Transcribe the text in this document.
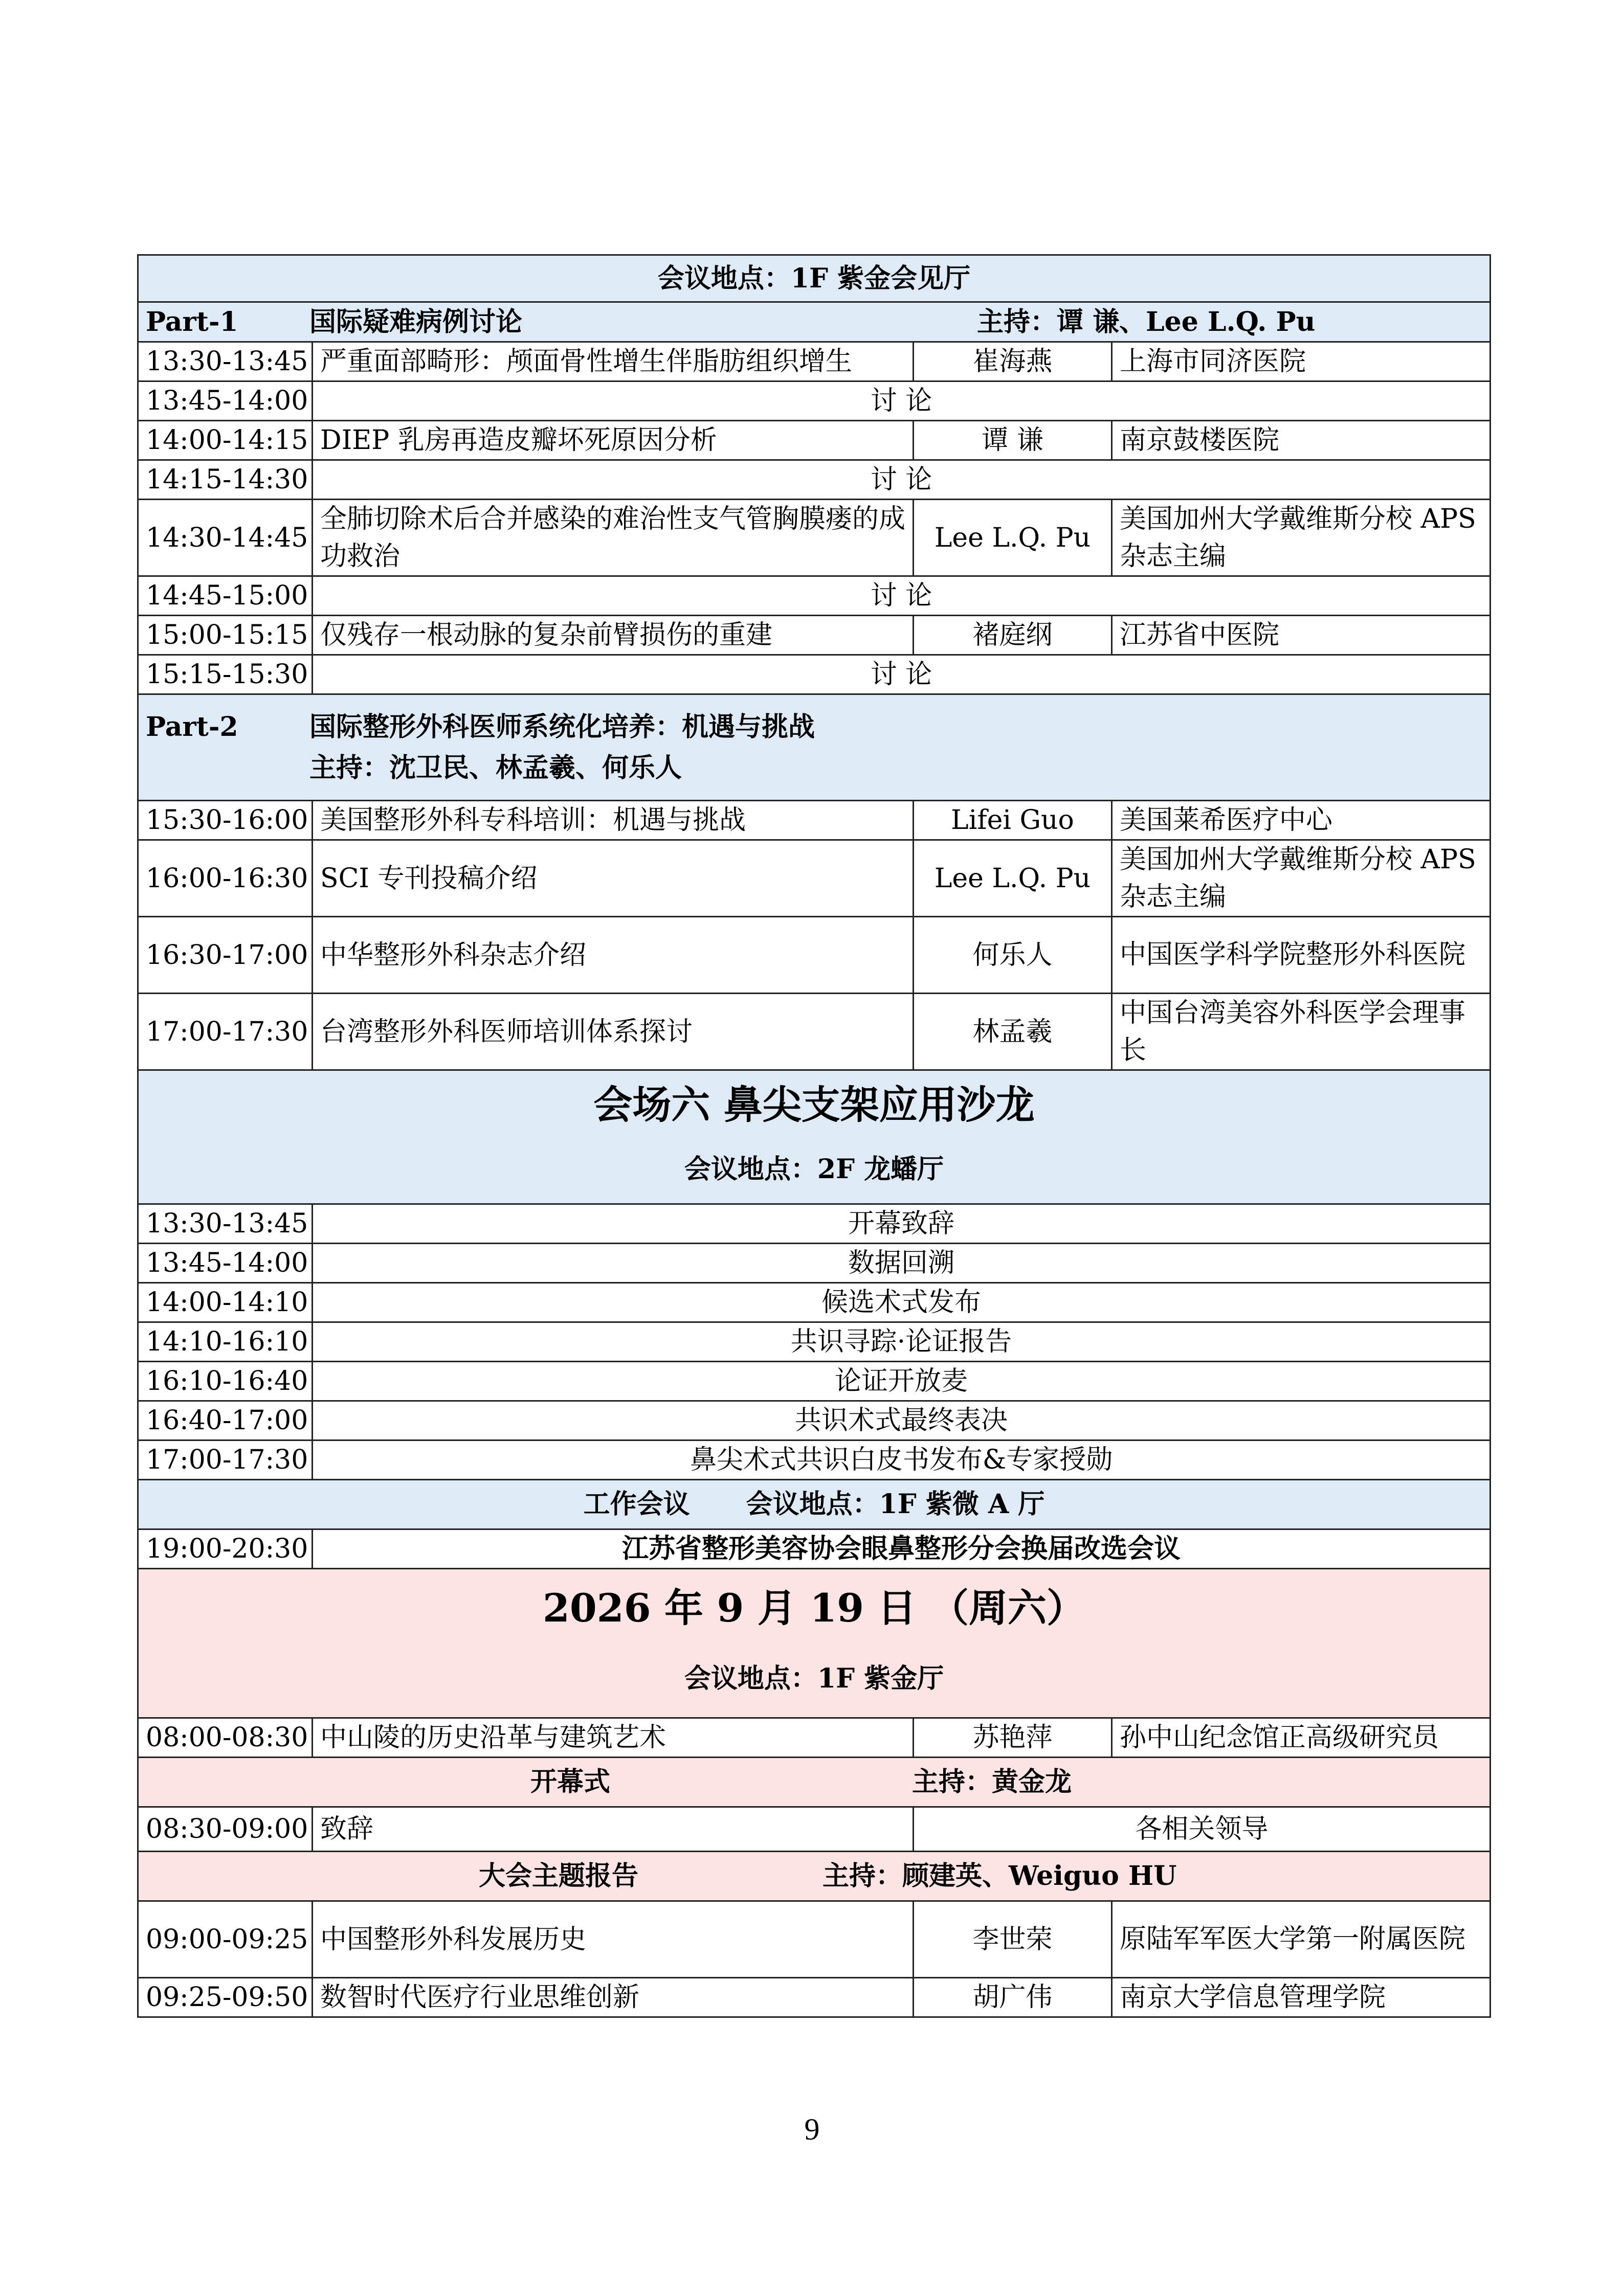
会议地点：1F 紫金会见厅			
Part-1 国际疑难病例讨论 主持：谭 谦、Lee L.Q. Pu			
13:30-13:45	严重面部畸形：颅面骨性增生伴脂肪组织增生	崔海燕	上海市同济医院
13:45-14:00	讨 论		
14:00-14:15	DIEP 乳房再造皮瓣坏死原因分析	谭 谦	南京鼓楼医院
14:15-14:30	讨 论		
14:30-14:45	全肺切除术后合并感染的难治性支气管胸膜瘘的成功救治	Lee L.Q. Pu	美国加州大学戴维斯分校 APS 杂志主编
14:45-15:00	讨 论		
15:00-15:15	仅残存一根动脉的复杂前臂损伤的重建	褚庭纲	江苏省中医院
15:15-15:30	讨 论		

Part-2 国际整形外科医师系统化培养：机遇与挑战
主持：沈卫民、林孟羲、何乐人			

15:30-16:00	美国整形外科专科培训：机遇与挑战	Lifei Guo	美国莱希医疗中心
16:00-16:30	SCI 专刊投稿介绍	Lee L.Q. Pu	美国加州大学戴维斯分校 APS 杂志主编
16:30-17:00	中华整形外科杂志介绍	何乐人	中国医学科学院整形外科医院
17:00-17:30	台湾整形外科医师培训体系探讨	林孟羲	中国台湾美容外科医学会理事长

会场六 鼻尖支架应用沙龙
会议地点：2F 龙蟠厅			

13:30-13:45	开幕致辞		
13:45-14:00	数据回溯		
14:00-14:10	候选术式发布		
14:10-16:10	共识寻踪·论证报告		
16:10-16:40	论证开放麦		
16:40-17:00	共识术式最终表决		
17:00-17:30	鼻尖术式共识白皮书发布&专家授勋		
工作会议 会议地点：1F 紫微 A 厅			
19:00-20:30	江苏省整形美容协会眼鼻整形分会换届改选会议		

2026 年 9 月 19 日 （周六）
会议地点：1F 紫金厅			

08:00-08:30	中山陵的历史沿革与建筑艺术	苏艳萍	孙中山纪念馆正高级研究员
开幕式 主持：黄金龙			
08:30-09:00	致辞	各相关领导	
大会主题报告 主持：顾建英、Weiguo HU			
09:00-09:25	中国整形外科发展历史	李世荣	原陆军军医大学第一附属医院
09:25-09:50	数智时代医疗行业思维创新	胡广伟	南京大学信息管理学院
9
